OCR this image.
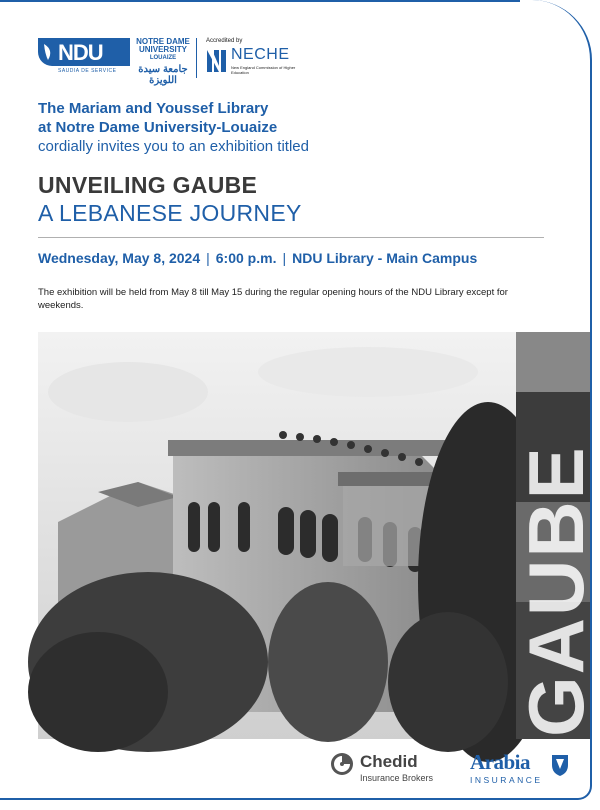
NDU
SAUDIA DE SERVICE
NOTRE DAME
UNIVERSITY
LOUAIZE
جامعة سيدة اللويزة
Accredited by
NECHE
New England Commission of Higher Education
The Mariam and Youssef Library
at Notre Dame University-Louaize
cordially invites you to an exhibition titled
UNVEILING GAUBE
A LEBANESE JOURNEY
Wednesday, May 8, 2024 | 6:00 p.m. | NDU Library - Main Campus
The exhibition will be held from May 8 till May 15 during the regular opening hours of the NDU Library except for weekends.
GAUBE
Chedid
Insurance Brokers
Arabia
INSURANCE
